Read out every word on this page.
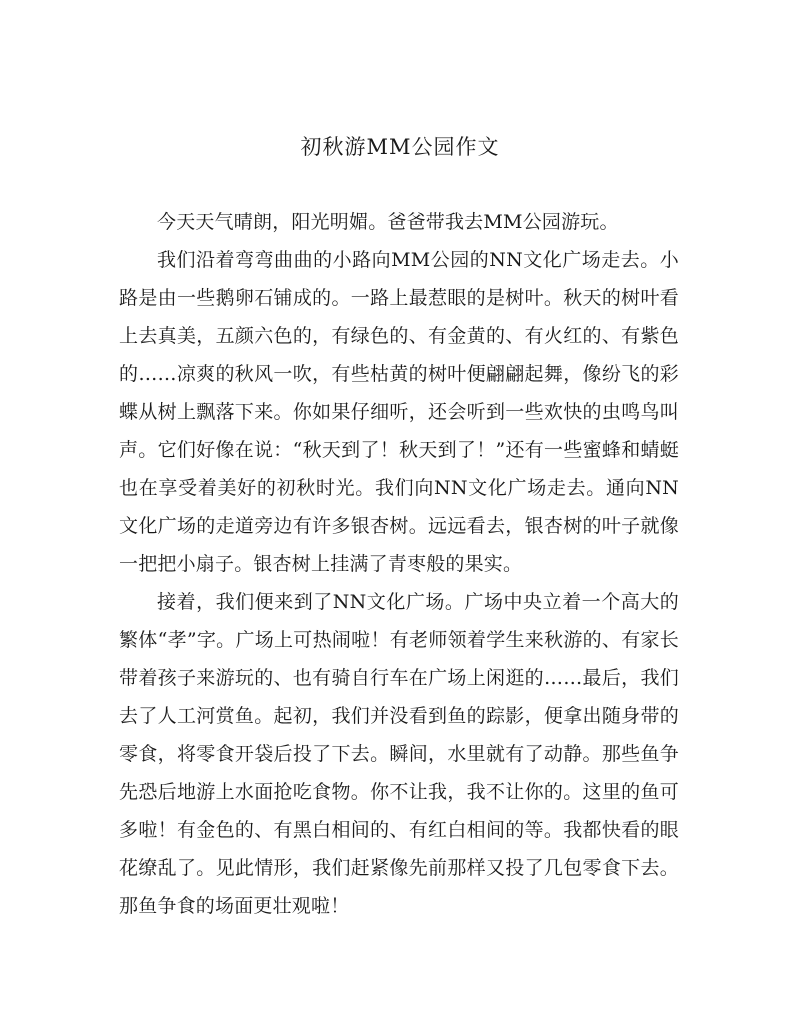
初秋游MM公园作文

今天天气晴朗，阳光明媚。爸爸带我去MM公园游玩。

我们沿着弯弯曲曲的小路向MM公园的NN文化广场走去。小路是由一些鹅卵石铺成的。一路上最惹眼的是树叶。秋天的树叶看上去真美，五颜六色的，有绿色的、有金黄的、有火红的、有紫色的……凉爽的秋风一吹，有些枯黄的树叶便翩翩起舞，像纷飞的彩蝶从树上飘落下来。你如果仔细听，还会听到一些欢快的虫鸣鸟叫声。它们好像在说：“秋天到了！秋天到了！”还有一些蜜蜂和蜻蜓也在享受着美好的初秋时光。我们向NN文化广场走去。通向NN文化广场的走道旁边有许多银杏树。远远看去，银杏树的叶子就像一把把小扇子。银杏树上挂满了青枣般的果实。

接着，我们便来到了NN文化广场。广场中央立着一个高大的繁体“孝”字。广场上可热闹啦！有老师领着学生来秋游的、有家长带着孩子来游玩的、也有骑自行车在广场上闲逛的……最后，我们去了人工河赏鱼。起初，我们并没看到鱼的踪影，便拿出随身带的零食，将零食开袋后投了下去。瞬间，水里就有了动静。那些鱼争先恐后地游上水面抢吃食物。你不让我，我不让你的。这里的鱼可多啦！有金色的、有黑白相间的、有红白相间的等。我都快看的眼花缭乱了。见此情形，我们赶紧像先前那样又投了几包零食下去。那鱼争食的场面更壮观啦！
